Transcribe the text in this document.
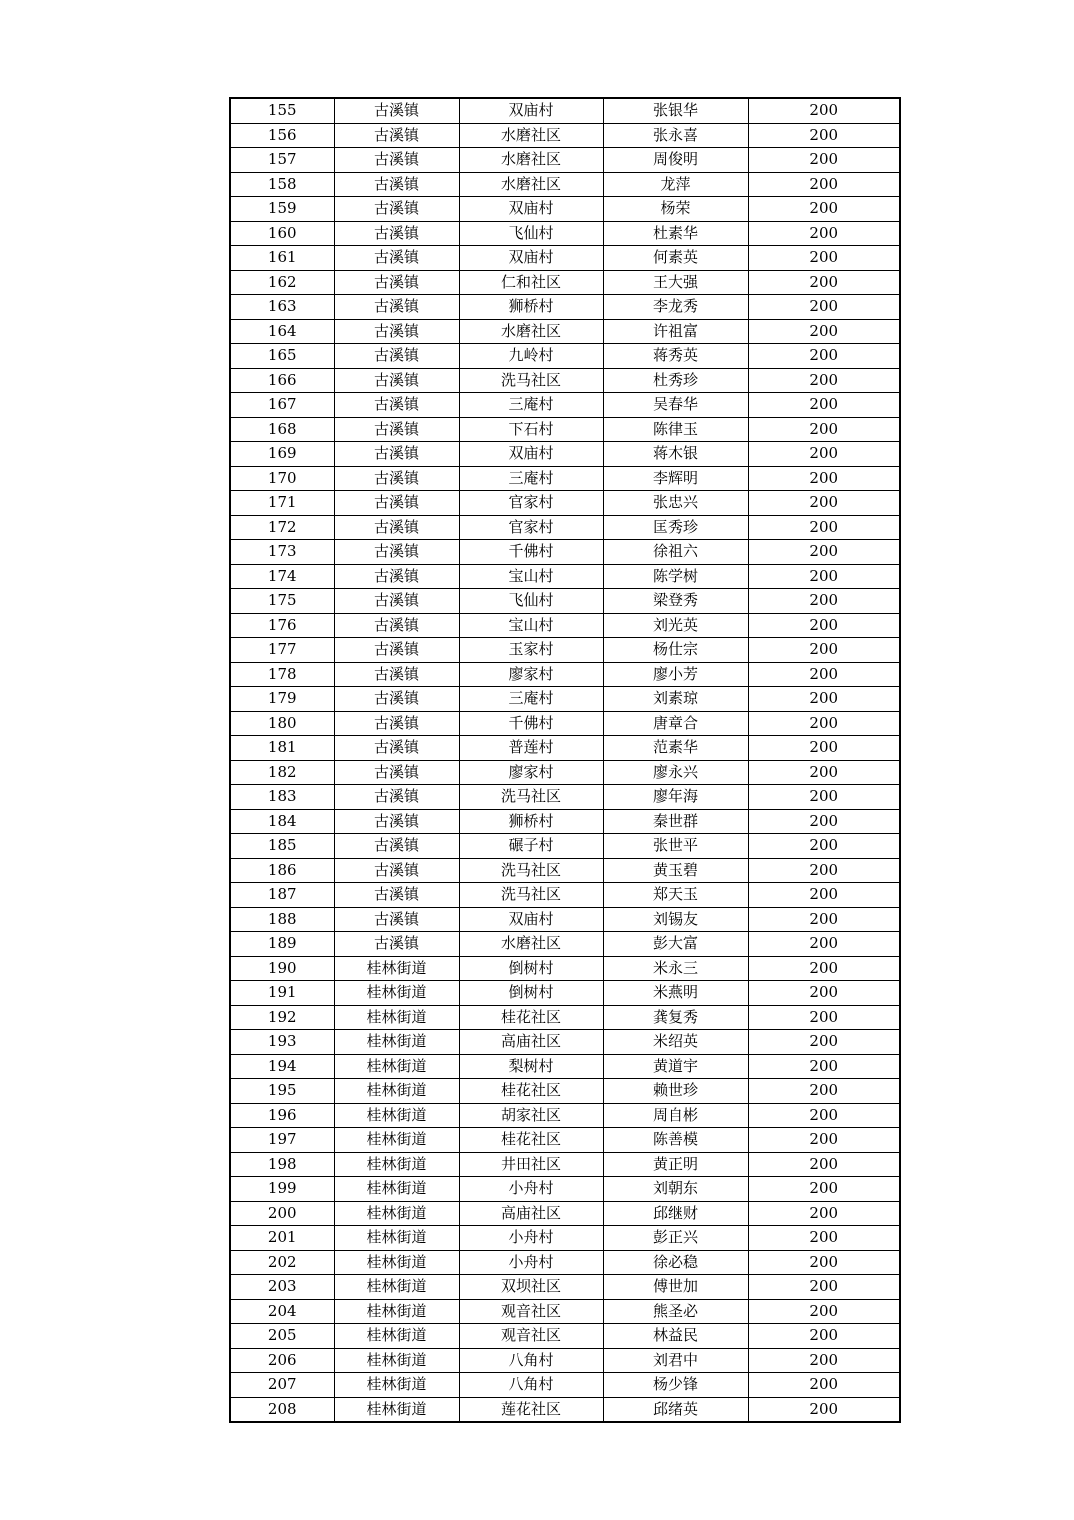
155	古溪镇	双庙村	张银华	200
156	古溪镇	水磨社区	张永喜	200
157	古溪镇	水磨社区	周俊明	200
158	古溪镇	水磨社区	龙萍	200
159	古溪镇	双庙村	杨荣	200
160	古溪镇	飞仙村	杜素华	200
161	古溪镇	双庙村	何素英	200
162	古溪镇	仁和社区	王大强	200
163	古溪镇	狮桥村	李龙秀	200
164	古溪镇	水磨社区	许祖富	200
165	古溪镇	九岭村	蒋秀英	200
166	古溪镇	洗马社区	杜秀珍	200
167	古溪镇	三庵村	吴春华	200
168	古溪镇	下石村	陈律玉	200
169	古溪镇	双庙村	蒋木银	200
170	古溪镇	三庵村	李辉明	200
171	古溪镇	官家村	张忠兴	200
172	古溪镇	官家村	匡秀珍	200
173	古溪镇	千佛村	徐祖六	200
174	古溪镇	宝山村	陈学树	200
175	古溪镇	飞仙村	梁登秀	200
176	古溪镇	宝山村	刘光英	200
177	古溪镇	玉家村	杨仕宗	200
178	古溪镇	廖家村	廖小芳	200
179	古溪镇	三庵村	刘素琼	200
180	古溪镇	千佛村	唐章合	200
181	古溪镇	普莲村	范素华	200
182	古溪镇	廖家村	廖永兴	200
183	古溪镇	洗马社区	廖年海	200
184	古溪镇	狮桥村	秦世群	200
185	古溪镇	碾子村	张世平	200
186	古溪镇	洗马社区	黄玉碧	200
187	古溪镇	洗马社区	郑天玉	200
188	古溪镇	双庙村	刘锡友	200
189	古溪镇	水磨社区	彭大富	200
190	桂林街道	倒树村	米永三	200
191	桂林街道	倒树村	米燕明	200
192	桂林街道	桂花社区	龚复秀	200
193	桂林街道	高庙社区	米绍英	200
194	桂林街道	梨树村	黄道宇	200
195	桂林街道	桂花社区	赖世珍	200
196	桂林街道	胡家社区	周自彬	200
197	桂林街道	桂花社区	陈善模	200
198	桂林街道	井田社区	黄正明	200
199	桂林街道	小舟村	刘朝东	200
200	桂林街道	高庙社区	邱继财	200
201	桂林街道	小舟村	彭正兴	200
202	桂林街道	小舟村	徐必稳	200
203	桂林街道	双坝社区	傅世加	200
204	桂林街道	观音社区	熊圣必	200
205	桂林街道	观音社区	林益民	200
206	桂林街道	八角村	刘君中	200
207	桂林街道	八角村	杨少锋	200
208	桂林街道	莲花社区	邱绪英	200
